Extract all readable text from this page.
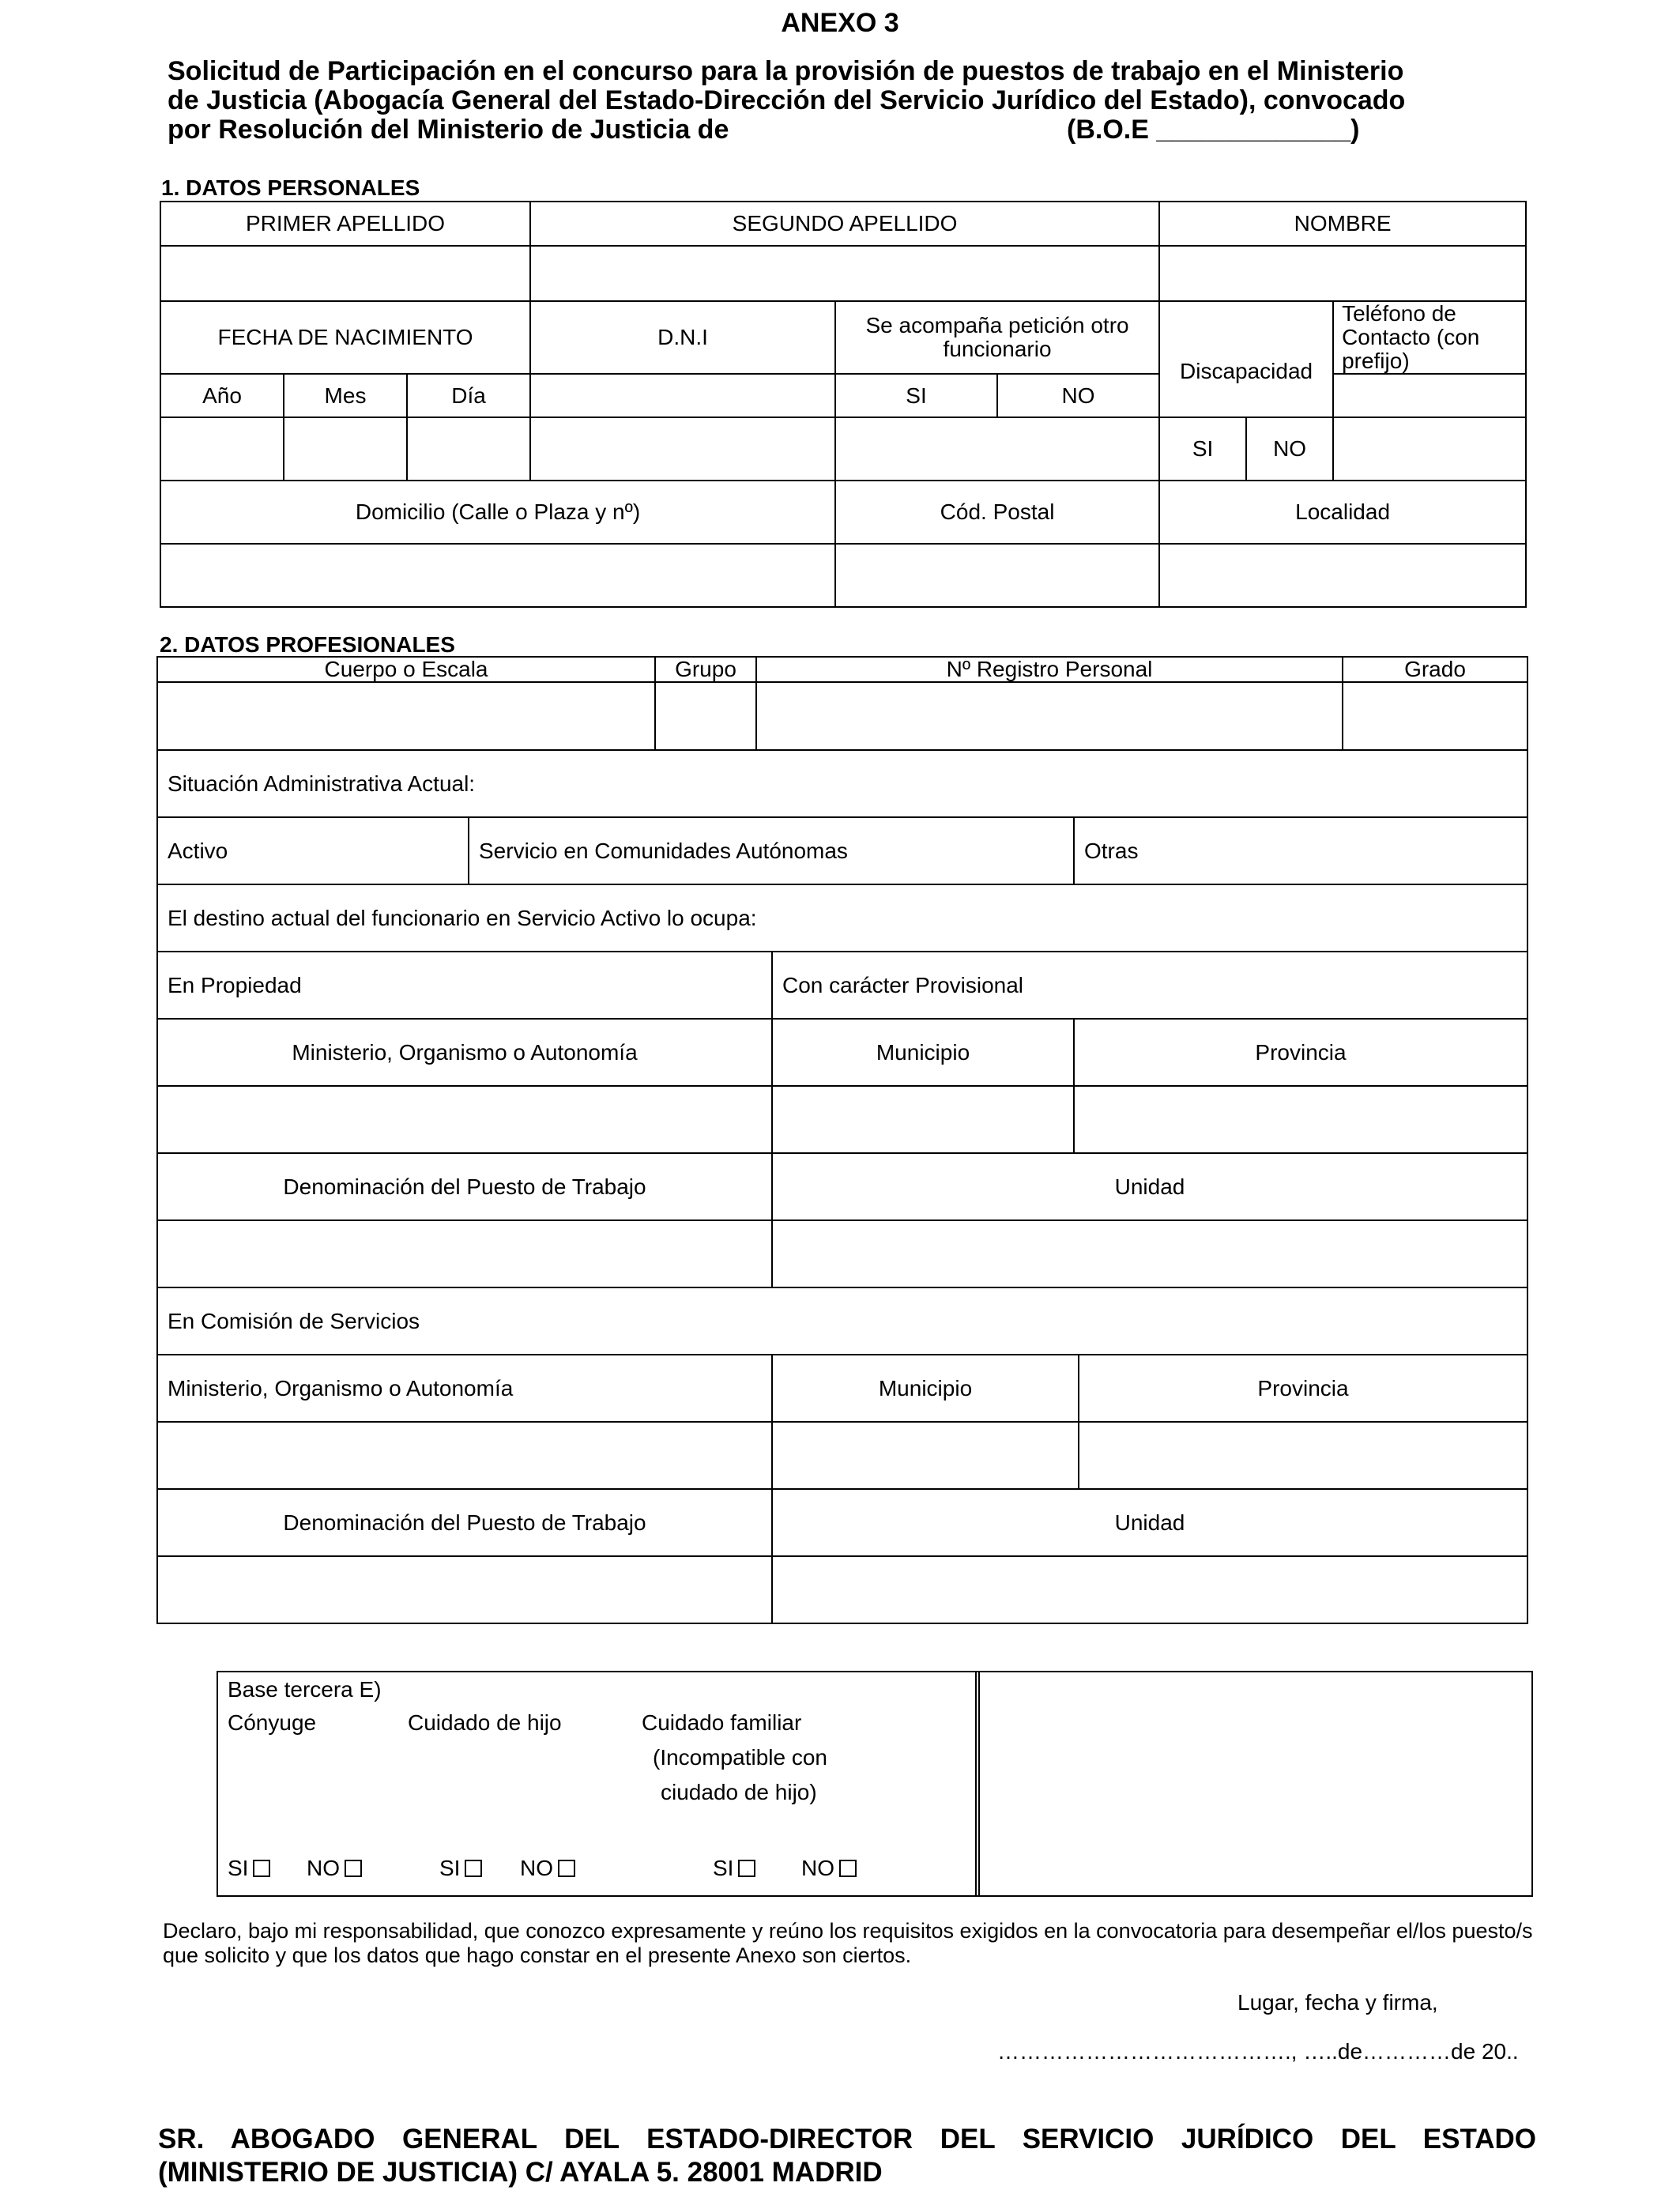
ANEXO 3
Solicitud de Participación en el concurso para la provisión de puestos de trabajo en el Ministerio
de Justicia (Abogacía General del Estado-Dirección del Servicio Jurídico del Estado), convocado
por Resolución del Ministerio de Justicia de	(B.O.E _____________)
1. DATOS PERSONALES
PRIMER APELLIDO			SEGUNDO APELLIDO			NOMBRE		

FECHA DE NACIMIENTO			D.N.I	Se acompaña petición otro funcionario		Discapacidad		Teléfono de Contacto (con prefijo)
Año	Mes	Día		SI	NO			
						SI	NO	
Domicilio (Calle o Plaza y nº)				Cód. Postal		Localidad		

2. DATOS PROFESIONALES
Cuerpo o Escala	Grupo	Nº Registro Personal	Grado

Situación Administrativa Actual:				
Activo	Servicio en Comunidades Autónomas		Otras	
El destino actual del funcionario en Servicio Activo lo ocupa:				
En Propiedad		Con carácter Provisional		
Ministerio, Organismo o Autonomía		Municipio	Provincia	

Denominación del Puesto de Trabajo		Unidad		

En Comisión de Servicios				
Ministerio, Organismo o Autonomía		Municipio		Provincia

Denominación del Puesto de Trabajo		Unidad		

Base tercera E)
Cónyuge	Cuidado de hijo	Cuidado familiar
(Incompatible con
ciudado de hijo)
SI	NO	SI	NO	SI	NO
Declaro, bajo mi responsabilidad, que conozco expresamente y reúno los requisitos exigidos en la convocatoria para desempeñar el/los puesto/s que solicito y que los datos que hago constar en el presente Anexo son ciertos.
Lugar, fecha y firma,
…………………………………., …..de…………de 20..
SR. ABOGADO GENERAL DEL ESTADO-DIRECTOR DEL SERVICIO JURÍDICO DEL ESTADO
(MINISTERIO DE JUSTICIA) C/ AYALA 5. 28001 MADRID
